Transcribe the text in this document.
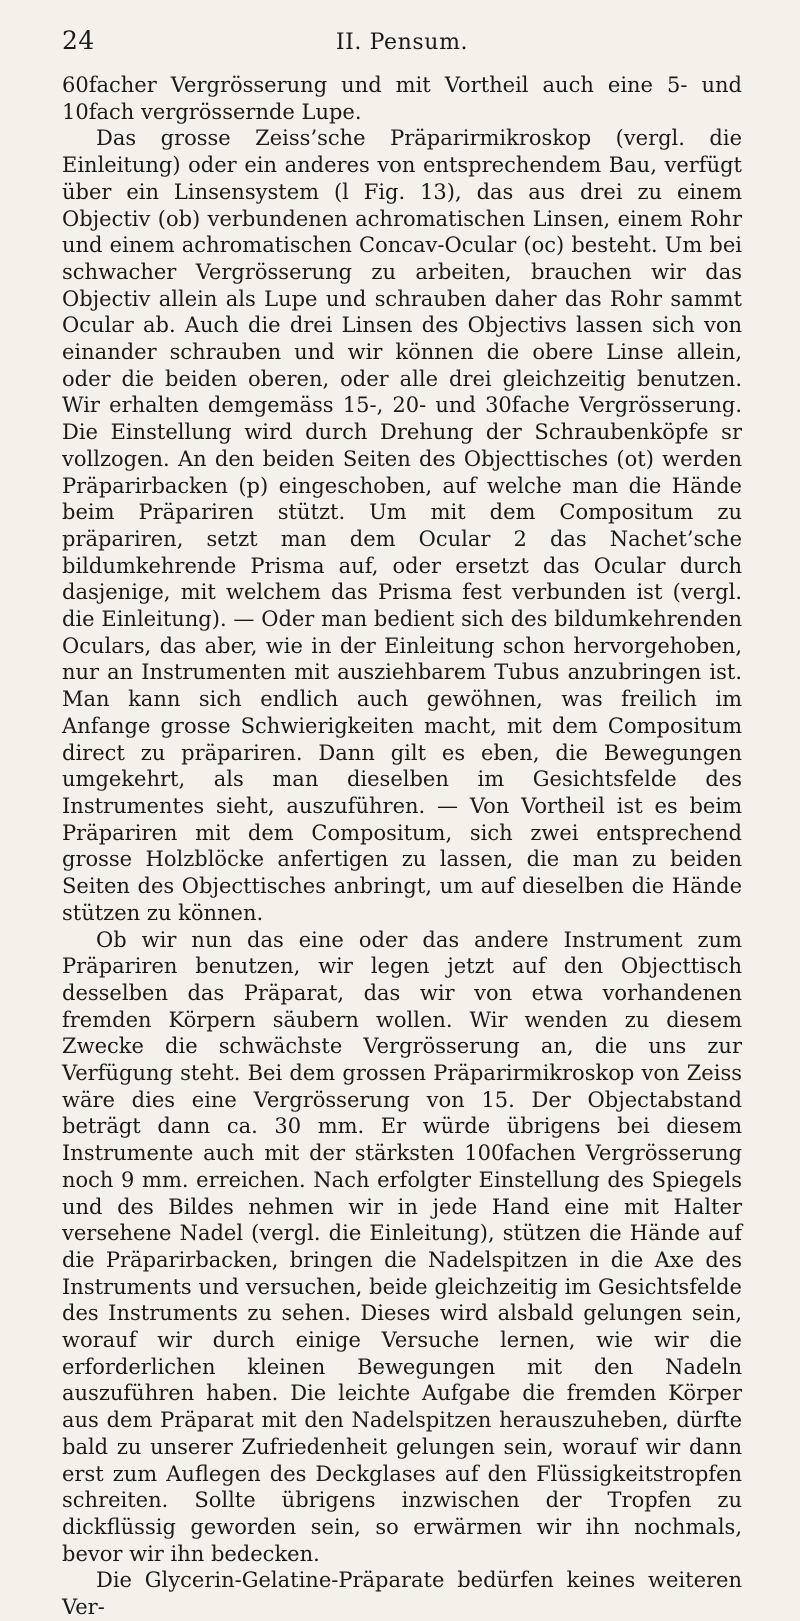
24	II. Pensum.

60facher Vergrösserung und mit Vortheil auch eine 5- und 10fach vergrössernde Lupe.

Das grosse Zeiss’sche Präparirmikroskop (vergl. die Einleitung) oder ein anderes von entsprechendem Bau, verfügt über ein Linsensystem (l Fig. 13), das aus drei zu einem Objectiv (ob) verbundenen achromatischen Linsen, einem Rohr und einem achromatischen Concav-Ocular (oc) besteht. Um bei schwacher Vergrösserung zu arbeiten, brauchen wir das Objectiv allein als Lupe und schrauben daher das Rohr sammt Ocular ab. Auch die drei Linsen des Objectivs lassen sich von einander schrauben und wir können die obere Linse allein, oder die beiden oberen, oder alle drei gleichzeitig benutzen. Wir erhalten demgemäss 15-, 20- und 30fache Vergrösserung. Die Einstellung wird durch Drehung der Schraubenköpfe sr vollzogen. An den beiden Seiten des Objecttisches (ot) werden Präparirbacken (p) eingeschoben, auf welche man die Hände beim Präpariren stützt. Um mit dem Compositum zu präpariren, setzt man dem Ocular 2 das Nachet’sche bildumkehrende Prisma auf, oder ersetzt das Ocular durch dasjenige, mit welchem das Prisma fest verbunden ist (vergl. die Einleitung). — Oder man bedient sich des bildumkehrenden Oculars, das aber, wie in der Einleitung schon hervorgehoben, nur an Instrumenten mit ausziehbarem Tubus anzubringen ist. Man kann sich endlich auch gewöhnen, was freilich im Anfange grosse Schwierigkeiten macht, mit dem Compositum direct zu präpariren. Dann gilt es eben, die Bewegungen umgekehrt, als man dieselben im Gesichtsfelde des Instrumentes sieht, auszuführen. — Von Vortheil ist es beim Präpariren mit dem Compositum, sich zwei entsprechend grosse Holzblöcke anfertigen zu lassen, die man zu beiden Seiten des Objecttisches anbringt, um auf dieselben die Hände stützen zu können.

Ob wir nun das eine oder das andere Instrument zum Präpariren benutzen, wir legen jetzt auf den Objecttisch desselben das Präparat, das wir von etwa vorhandenen fremden Körpern säubern wollen. Wir wenden zu diesem Zwecke die schwächste Vergrösserung an, die uns zur Verfügung steht. Bei dem grossen Präparirmikroskop von Zeiss wäre dies eine Vergrösserung von 15. Der Objectabstand beträgt dann ca. 30 mm. Er würde übrigens bei diesem Instrumente auch mit der stärksten 100fachen Vergrösserung noch 9 mm. erreichen. Nach erfolgter Einstellung des Spiegels und des Bildes nehmen wir in jede Hand eine mit Halter versehene Nadel (vergl. die Einleitung), stützen die Hände auf die Präparirbacken, bringen die Nadelspitzen in die Axe des Instruments und versuchen, beide gleichzeitig im Gesichtsfelde des Instruments zu sehen. Dieses wird alsbald gelungen sein, worauf wir durch einige Versuche lernen, wie wir die erforderlichen kleinen Bewegungen mit den Nadeln auszuführen haben. Die leichte Aufgabe die fremden Körper aus dem Präparat mit den Nadelspitzen herauszuheben, dürfte bald zu unserer Zufriedenheit gelungen sein, worauf wir dann erst zum Auflegen des Deckglases auf den Flüssigkeitstropfen schreiten. Sollte übrigens inzwischen der Tropfen zu dickflüssig geworden sein, so erwärmen wir ihn nochmals, bevor wir ihn bedecken.

Die Glycerin-Gelatine-Präparate bedürfen keines weiteren Ver-
